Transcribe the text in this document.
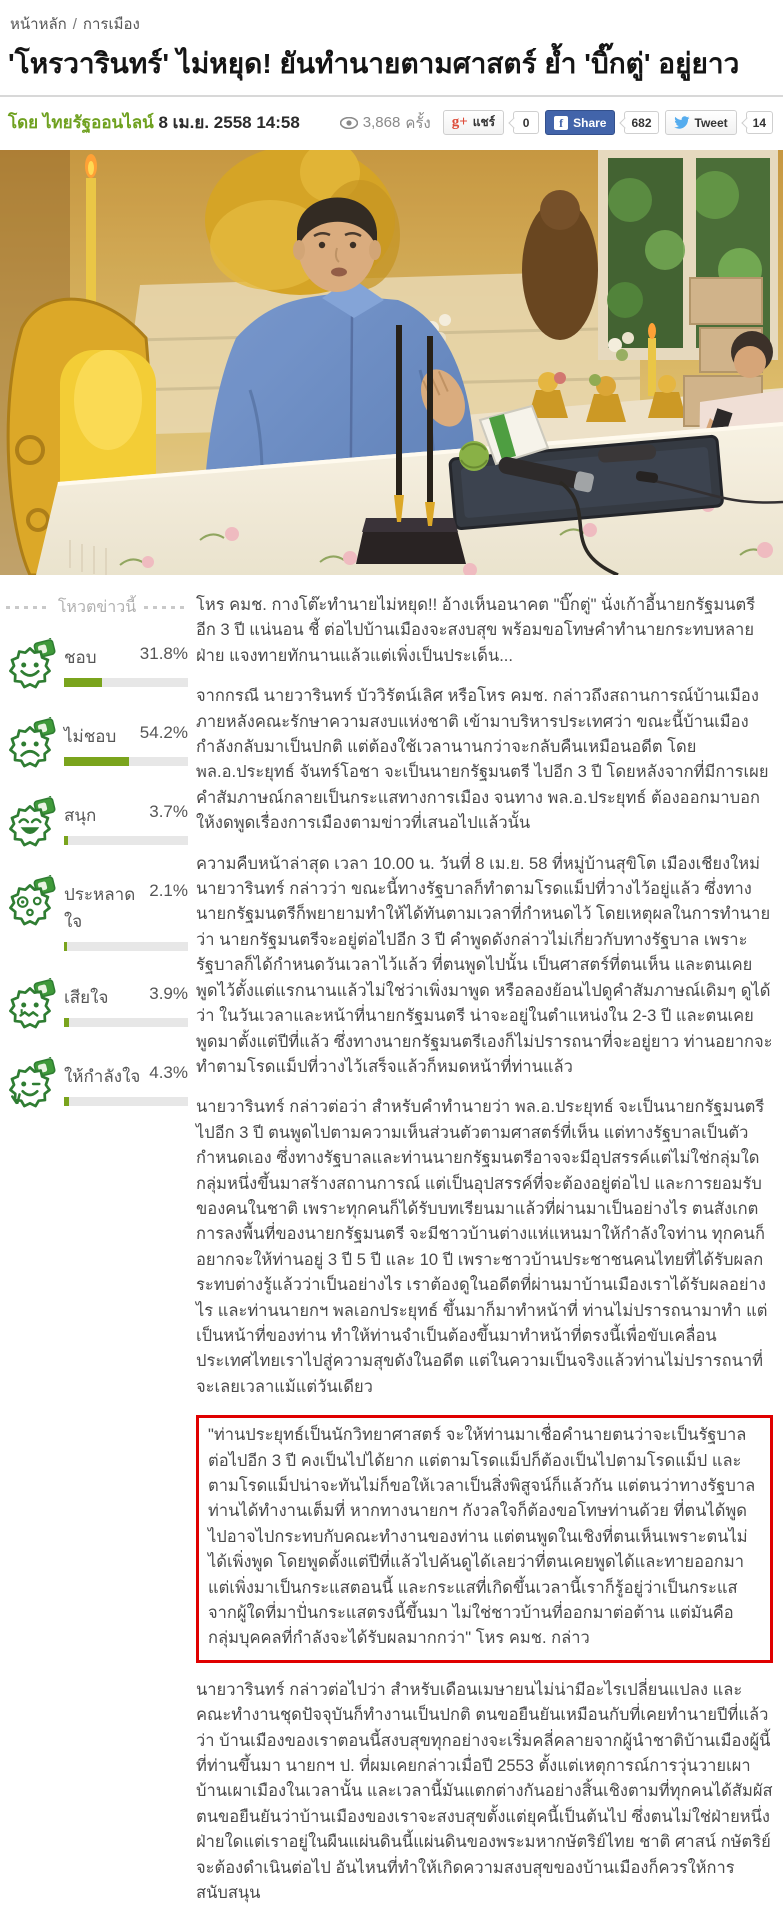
หน้าหลัก / การเมือง
'โหรวารินทร์' ไม่หยุด! ยันทำนายตามศาสตร์ ย้ำ 'บิ๊กตู่' อยู่ยาว
โดย ไทยรัฐออนไลน์ 8 เม.ย. 2558 14:58	3,868 ครั้ง g+ แชร์	0	f Share	682	Tweet	14
โหวตข่าวนี้
ชอบ	31.8%
ไม่ชอบ 54.2%
สนุก	3.7%
ประหลาดใจ
2.1%
เสียใจ 3.9%
ให้กำลังใจ 4.3%

โหร คมช. กางโต๊ะทำนายไม่หยุด!! อ้างเห็นอนาคต "บิ๊กตู่" นั่งเก้าอี้นายกรัฐมนตรีอีก 3 ปี แน่นอน ชี้ ต่อไปบ้านเมืองจะสงบสุข พร้อมขอโทษคำทำนายกระทบหลายฝ่าย แจงทายทักนานแล้วแต่เพิ่งเป็นประเด็น...

จากกรณี นายวารินทร์ บัววิรัตน์เลิศ หรือโหร คมช. กล่าวถึงสถานการณ์บ้านเมือง ภายหลังคณะรักษาความสงบแห่งชาติ เข้ามาบริหารประเทศว่า ขณะนี้บ้านเมืองกำลังกลับมาเป็นปกติ แต่ต้องใช้เวลานานกว่าจะกลับคืนเหมือนอดีต โดย พล.อ.ประยุทธ์ จันทร์โอชา จะเป็นนายกรัฐมนตรี ไปอีก 3 ปี โดยหลังจากที่มีการเผยคำสัมภาษณ์กลายเป็นกระแสทางการเมือง จนทาง พล.อ.ประยุทธ์ ต้องออกมาบอกให้งดพูดเรื่องการเมืองตามข่าวที่เสนอไปแล้วนั้น

ความคืบหน้าล่าสุด เวลา 10.00 น. วันที่ 8 เม.ย. 58 ที่หมู่บ้านสุขิโต เมืองเชียงใหม่ นายวารินทร์ กล่าวว่า ขณะนี้ทางรัฐบาลก็ทำตามโรดแม็ปที่วางไว้อยู่แล้ว ซึ่งทางนายกรัฐมนตรีก็พยายามทำให้ได้ทันตามเวลาที่กำหนดไว้ โดยเหตุผลในการทำนายว่า นายกรัฐมนตรีจะอยู่ต่อไปอีก 3 ปี คำพูดดังกล่าวไม่เกี่ยวกับทางรัฐบาล เพราะรัฐบาลก็ได้กำหนดวันเวลาไว้แล้ว ที่ตนพูดไปนั้น เป็นศาสตร์ที่ตนเห็น และตนเคยพูดไว้ตั้งแต่แรกนานแล้วไม่ใช่ว่าเพิ่งมาพูด หรือลองย้อนไปดูคำสัมภาษณ์เดิมๆ ดูได้ ว่า ในวันเวลาและหน้าที่นายกรัฐมนตรี น่าจะอยู่ในตำแหน่งใน 2-3 ปี และตนเคยพูดมาตั้งแต่ปีที่แล้ว ซึ่งทางนายกรัฐมนตรีเองก็ไม่ปรารถนาที่จะอยู่ยาว ท่านอยากจะทำตามโรดแม็ปที่วางไว้เสร็จแล้วก็หมดหน้าที่ท่านแล้ว

นายวารินทร์ กล่าวต่อว่า สำหรับคำทำนายว่า พล.อ.ประยุทธ์ จะเป็นนายกรัฐมนตรีไปอีก 3 ปี ตนพูดไปตามความเห็นส่วนตัวตามศาสตร์ที่เห็น แต่ทางรัฐบาลเป็นตัวกำหนดเอง ซึ่งทางรัฐบาลและท่านนายกรัฐมนตรีอาจจะมีอุปสรรค์แต่ไม่ใช่กลุ่มใดกลุ่มหนึ่งขึ้นมาสร้างสถานการณ์ แต่เป็นอุปสรรค์ที่จะต้องอยู่ต่อไป และการยอมรับของคนในชาติ เพราะทุกคนก็ได้รับบทเรียนมาแล้วที่ผ่านมาเป็นอย่างไร ตนสังเกตการลงพื้นที่ของนายกรัฐมนตรี จะมีชาวบ้านต่างแห่แหนมาให้กำลังใจท่าน ทุกคนก็อยากจะให้ท่านอยู่ 3 ปี 5 ปี และ 10 ปี เพราะชาวบ้านประชาชนคนไทยที่ได้รับผลกระทบต่างรู้แล้วว่าเป็นอย่างไร เราต้องดูในอดีตที่ผ่านมาบ้านเมืองเราได้รับผลอย่างไร และท่านนายกฯ พลเอกประยุทธ์ ขึ้นมาก็มาทำหน้าที่ ท่านไม่ปรารถนามาทำ แต่เป็นหน้าที่ของท่าน ทำให้ท่านจำเป็นต้องขึ้นมาทำหน้าที่ตรงนี้เพื่อขับเคลื่อนประเทศไทยเราไปสู่ความสุขดังในอดีต แต่ในความเป็นจริงแล้วท่านไม่ปรารถนาที่จะเลยเวลาแม้แต่วันเดียว

"ท่านประยุทธ์เป็นนักวิทยาศาสตร์ จะให้ท่านมาเชื่อคำนายตนว่าจะเป็นรัฐบาลต่อไปอีก 3 ปี คงเป็นไปได้ยาก แต่ตามโรดแม็ปก็ต้องเป็นไปตามโรดแม็ป และตามโรดแม็ปน่าจะทันไม่ก็ขอให้เวลาเป็นสิ่งพิสูจน์ก็แล้วกัน แต่ตนว่าทางรัฐบาลท่านได้ทำงานเต็มที่ หากทางนายกฯ กังวลใจก็ต้องขอโทษท่านด้วย ที่ตนได้พูดไปอาจไปกระทบกับคณะทำงานของท่าน แต่ตนพูดในเชิงที่ตนเห็นเพราะตนไม่ได้เพิ่งพูด โดยพูดตั้งแต่ปีที่แล้วไปค้นดูได้เลยว่าที่ตนเคยพูดได้และทายออกมา แต่เพิ่งมาเป็นกระแสตอนนี้ และกระแสที่เกิดขึ้นเวลานี้เราก็รู้อยู่ว่าเป็นกระแสจากผู้ใดที่มาปั่นกระแสตรงนี้ขึ้นมา ไม่ใช่ชาวบ้านที่ออกมาต่อต้าน แต่มันคือกลุ่มบุคคลที่กำลังจะได้รับผลมากกว่า" โหร คมช. กล่าว

นายวารินทร์ กล่าวต่อไปว่า สำหรับเดือนเมษายนไม่น่ามีอะไรเปลี่ยนแปลง และคณะทำงานชุดปัจจุบันก็ทำงานเป็นปกติ ตนขอยืนยันเหมือนกับที่เคยทำนายปีที่แล้ว ว่า บ้านเมืองของเราตอนนี้สงบสุขทุกอย่างจะเริ่มคลี่คลายจากผู้นำชาติบ้านเมืองผู้นี้ที่ท่านขึ้นมา นายกฯ ป. ที่ผมเคยกล่าวเมื่อปี 2553 ตั้งแต่เหตุการณ์การวุ่นวายเผาบ้านเผาเมืองในเวลานั้น และเวลานี้มันแตกต่างกันอย่างสิ้นเชิงตามที่ทุกคนได้สัมผัส ตนขอยืนยันว่าบ้านเมืองของเราจะสงบสุขตั้งแต่ยุคนี้เป็นต้นไป ซึ่งตนไม่ใช่ฝ่ายหนึ่งฝ่ายใดแต่เราอยู่ในผืนแผ่นดินนี้แผ่นดินของพระมหากษัตริย์ไทย ชาติ ศาสน์ กษัตริย์ จะต้องดำเนินต่อไป อันไหนที่ทำให้เกิดความสงบสุขของบ้านเมืองก็ควรให้การสนับสนุน
